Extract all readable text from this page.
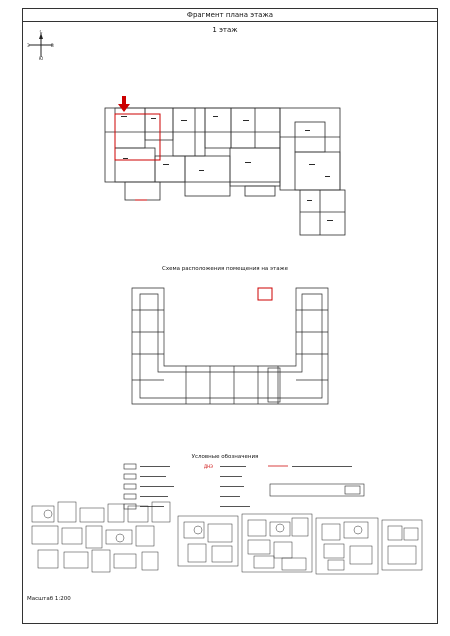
Фрагмент плана этажа
1 этаж
С
Ю
З	В
Схема расположения помещения на этаже
Условные обозначения
ДНЭ
Масштаб 1:200
